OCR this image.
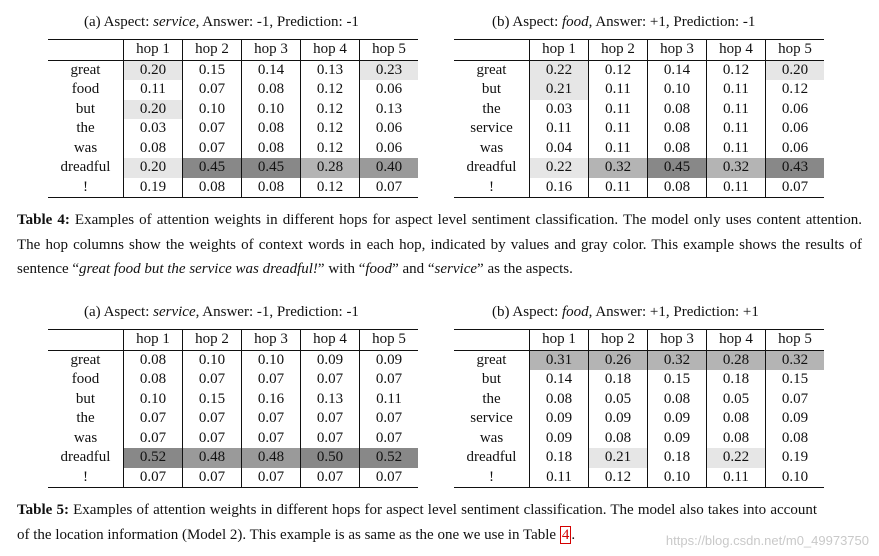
(a) Aspect: service, Answer: -1, Prediction: -1
	hop 1	hop 2	hop 3	hop 4	hop 5
great	0.20	0.15	0.14	0.13	0.23
food	0.11	0.07	0.08	0.12	0.06
but	0.20	0.10	0.10	0.12	0.13
the	0.03	0.07	0.08	0.12	0.06
was	0.08	0.07	0.08	0.12	0.06
dreadful	0.20	0.45	0.45	0.28	0.40
!	0.19	0.08	0.08	0.12	0.07
(b) Aspect: food, Answer: +1, Prediction: -1
	hop 1	hop 2	hop 3	hop 4	hop 5
great	0.22	0.12	0.14	0.12	0.20
but	0.21	0.11	0.10	0.11	0.12
the	0.03	0.11	0.08	0.11	0.06
service	0.11	0.11	0.08	0.11	0.06
was	0.04	0.11	0.08	0.11	0.06
dreadful	0.22	0.32	0.45	0.32	0.43
!	0.16	0.11	0.08	0.11	0.07
Table 4: Examples of attention weights in different hops for aspect level sentiment classification. The model only uses content attention. The hop columns show the weights of context words in each hop, indicated by values and gray color. This example shows the results of sentence “great food but the service was dreadful!” with “food” and “service” as the aspects.
(a) Aspect: service, Answer: -1, Prediction: -1
	hop 1	hop 2	hop 3	hop 4	hop 5
great	0.08	0.10	0.10	0.09	0.09
food	0.08	0.07	0.07	0.07	0.07
but	0.10	0.15	0.16	0.13	0.11
the	0.07	0.07	0.07	0.07	0.07
was	0.07	0.07	0.07	0.07	0.07
dreadful	0.52	0.48	0.48	0.50	0.52
!	0.07	0.07	0.07	0.07	0.07
(b) Aspect: food, Answer: +1, Prediction: +1
	hop 1	hop 2	hop 3	hop 4	hop 5
great	0.31	0.26	0.32	0.28	0.32
but	0.14	0.18	0.15	0.18	0.15
the	0.08	0.05	0.08	0.05	0.07
service	0.09	0.09	0.09	0.08	0.09
was	0.09	0.08	0.09	0.08	0.08
dreadful	0.18	0.21	0.18	0.22	0.19
!	0.11	0.12	0.10	0.11	0.10
Table 5: Examples of attention weights in different hops for aspect level sentiment classification. The model also takes into account of the location information (Model 2). This example is as same as the one we use in Table 4 .	https://blog.csdn.net/m0_49973750
